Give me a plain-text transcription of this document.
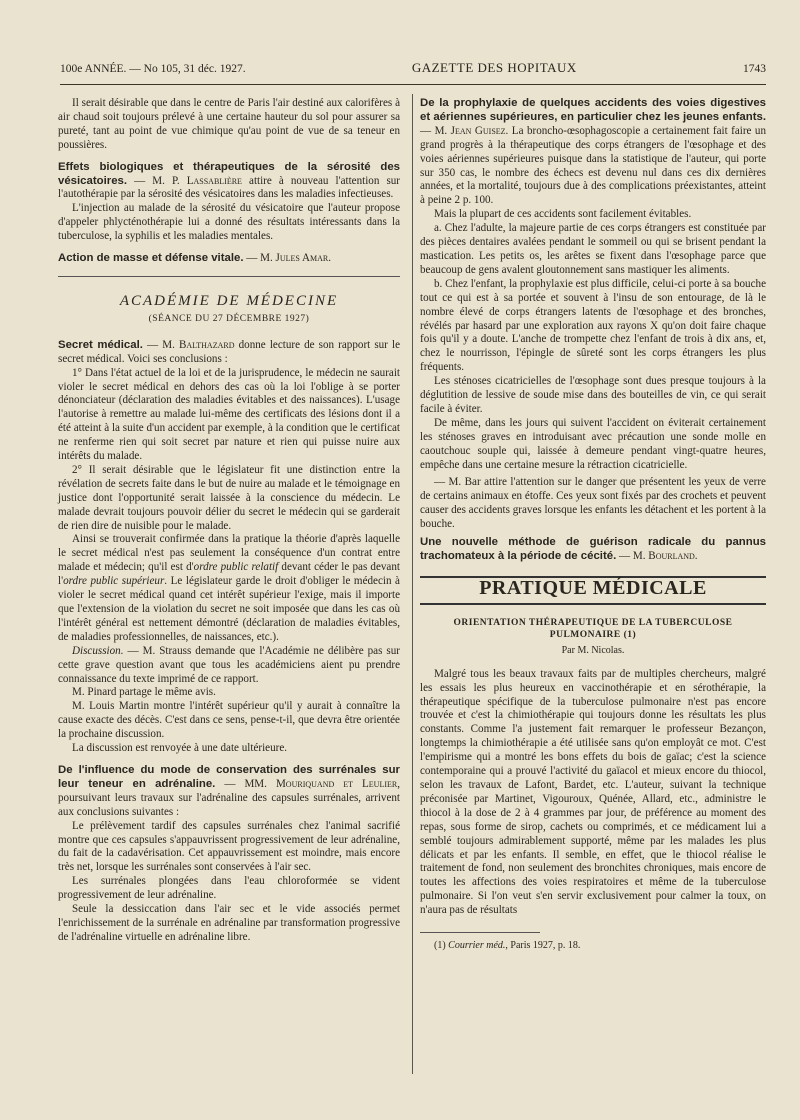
100e ANNÉE. — No 105, 31 déc. 1927.	GAZETTE DES HOPITAUX	1743

Il serait désirable que dans le centre de Paris l'air destiné aux calorifères à air chaud soit toujours prélevé à une certaine hauteur du sol pour assurer sa pureté, tant au point de vue chimique qu'au point de vue de sa teneur en poussières.

Effets biologiques et thérapeutiques de la sérosité des vésicatoires. — M. P. Lassablière attire à nouveau l'attention sur l'autothérapie par la sérosité des vésicatoires dans les maladies infectieuses.

L'injection au malade de la sérosité du vésicatoire que l'auteur propose d'appeler phlycténothérapie lui a donné des résultats intéressants dans la tuberculose, la syphilis et les maladies mentales.

Action de masse et défense vitale. — M. Jules Amar.

ACADÉMIE DE MÉDECINE
(SÉANCE DU 27 DÉCEMBRE 1927)

Secret médical. — M. Balthazard donne lecture de son rapport sur le secret médical. Voici ses conclusions :

1° Dans l'état actuel de la loi et de la jurisprudence, le médecin ne saurait violer le secret médical en dehors des cas où la loi l'oblige à se porter dénonciateur (déclaration des maladies évitables et des naissances). L'usage l'autorise à remettre au malade lui-même des certificats des lésions dont il a été atteint à la suite d'un accident par exemple, à la condition que le certificat ne renferme rien qui soit secret par nature et rien qui puisse nuire aux intérêts du malade.

2° Il serait désirable que le législateur fit une distinction entre la révélation de secrets faite dans le but de nuire au malade et le témoignage en justice dont l'opportunité serait laissée à la conscience du médecin. Le malade devrait toujours pouvoir délier du secret le médecin qui se garderait de rien dire de nuisible pour le malade.

Ainsi se trouverait confirmée dans la pratique la théorie d'après laquelle le secret médical n'est pas seulement la conséquence d'un contrat entre malade et médecin; qu'il est d'ordre public relatif devant céder le pas devant l'ordre public supérieur. Le législateur garde le droit d'obliger le médecin à violer le secret médical quand cet intérêt supérieur l'exige, mais il importe que l'extension de la violation du secret ne soit imposée que dans les cas où l'intérêt général est nettement démontré (déclaration de maladies évitables, de maladies professionnelles, de naissances, etc.).

Discussion. — M. Strauss demande que l'Académie ne délibère pas sur cette grave question avant que tous les académiciens aient pu prendre connaissance du texte imprimé de ce rapport.

M. Pinard partage le même avis.

M. Louis Martin montre l'intérêt supérieur qu'il y aurait à connaître la cause exacte des décès. C'est dans ce sens, pense-t-il, que devra être orientée la prochaine discussion.

La discussion est renvoyée à une date ultérieure.

De l'influence du mode de conservation des surrénales sur leur teneur en adrénaline. — MM. Mouriquand et Leulier, poursuivant leurs travaux sur l'adrénaline des capsules surrénales, arrivent aux conclusions suivantes :

Le prélèvement tardif des capsules surrénales chez l'animal sacrifié montre que ces capsules s'appauvrissent progressivement de leur adrénaline, du fait de la cadavérisation. Cet appauvrissement est moindre, mais encore très net, lorsque les surrénales sont conservées à l'air sec.

Les surrénales plongées dans l'eau chloroformée se vident progressivement de leur adrénaline.

Seule la dessiccation dans l'air sec et le vide associés permet l'enrichissement de la surrénale en adrénaline par transformation progressive de l'adrénaline virtuelle en adrénaline libre.

De la prophylaxie de quelques accidents des voies digestives et aériennes supérieures, en particulier chez les jeunes enfants. — M. Jean Guisez. La broncho-œsophagoscopie a certainement fait faire un grand progrès à la thérapeutique des corps étrangers de l'œsophage et des voies aériennes supérieures puisque dans la statistique de l'auteur, qui porte sur 350 cas, le nombre des échecs est devenu nul dans ces dix dernières années, et la mortalité, toujours due à des complications préexistantes, atteint à peine 2 p. 100.

Mais la plupart de ces accidents sont facilement évitables.

a. Chez l'adulte, la majeure partie de ces corps étrangers est constituée par des pièces dentaires avalées pendant le sommeil ou qui se brisent pendant la mastication. Les petits os, les arêtes se fixent dans l'œsophage parce que beaucoup de gens avalent gloutonnement sans mastiquer les aliments.

b. Chez l'enfant, la prophylaxie est plus difficile, celui-ci porte à sa bouche tout ce qui est à sa portée et souvent à l'insu de son entourage, de là le nombre élevé de corps étrangers latents de l'œsophage et des bronches, révélés par hasard par une exploration aux rayons X qu'on doit faire chaque fois qu'il y a doute. L'anche de trompette chez l'enfant de trois à dix ans, et, chez le nourrisson, l'épingle de sûreté sont les corps étrangers les plus fréquents.

Les sténoses cicatricielles de l'œsophage sont dues presque toujours à la déglutition de lessive de soude mise dans des bouteilles de vin, ce qui serait facile à éviter.

De même, dans les jours qui suivent l'accident on éviterait certainement les sténoses graves en introduisant avec précaution une sonde molle en caoutchouc souple qui, laissée à demeure pendant vingt-quatre heures, empêche dans une certaine mesure la rétraction cicatricielle.

— M. Bar attire l'attention sur le danger que présentent les yeux de verre de certains animaux en étoffe. Ces yeux sont fixés par des crochets et peuvent causer des accidents graves lorsque les enfants les détachent et les portent à la bouche.

Une nouvelle méthode de guérison radicale du pannus trachomateux à la période de cécité. — M. Bourland.

PRATIQUE MÉDICALE
ORIENTATION THÉRAPEUTIQUE DE LA TUBERCULOSE PULMONAIRE (1)
Par M. Nicolas.

Malgré tous les beaux travaux faits par de multiples chercheurs, malgré les essais les plus heureux en vaccinothérapie et en sérothérapie, la thérapeutique spécifique de la tuberculose pulmonaire n'est pas encore trouvée et c'est la chimiothérapie qui toujours donne les résultats les plus constants. Comme l'a justement fait remarquer le professeur Bezançon, longtemps la chimiothérapie a été utilisée sans qu'on employât ce mot. C'est l'empirisme qui a montré les bons effets du bois de gaïac; c'est la science contemporaine qui a prouvé l'activité du gaïacol et mieux encore du thiocol, selon les travaux de Lafont, Bardet, etc. L'auteur, suivant la technique préconisée par Martinet, Vigouroux, Quénée, Allard, etc., administre le thiocol à la dose de 2 à 4 grammes par jour, de préférence au moment des repas, sous forme de sirop, cachets ou comprimés, et ce médicament lui a semblé toujours admirablement supporté, même par les malades les plus délicats et par les enfants. Il semble, en effet, que le thiocol réalise le traitement de fond, non seulement des bronchites chroniques, mais encore de toutes les affections des voies respiratoires et même de la tuberculose pulmonaire. Si l'on veut s'en servir exclusivement pour calmer la toux, on n'aura pas de résultats

(1) Courrier méd., Paris 1927, p. 18.
